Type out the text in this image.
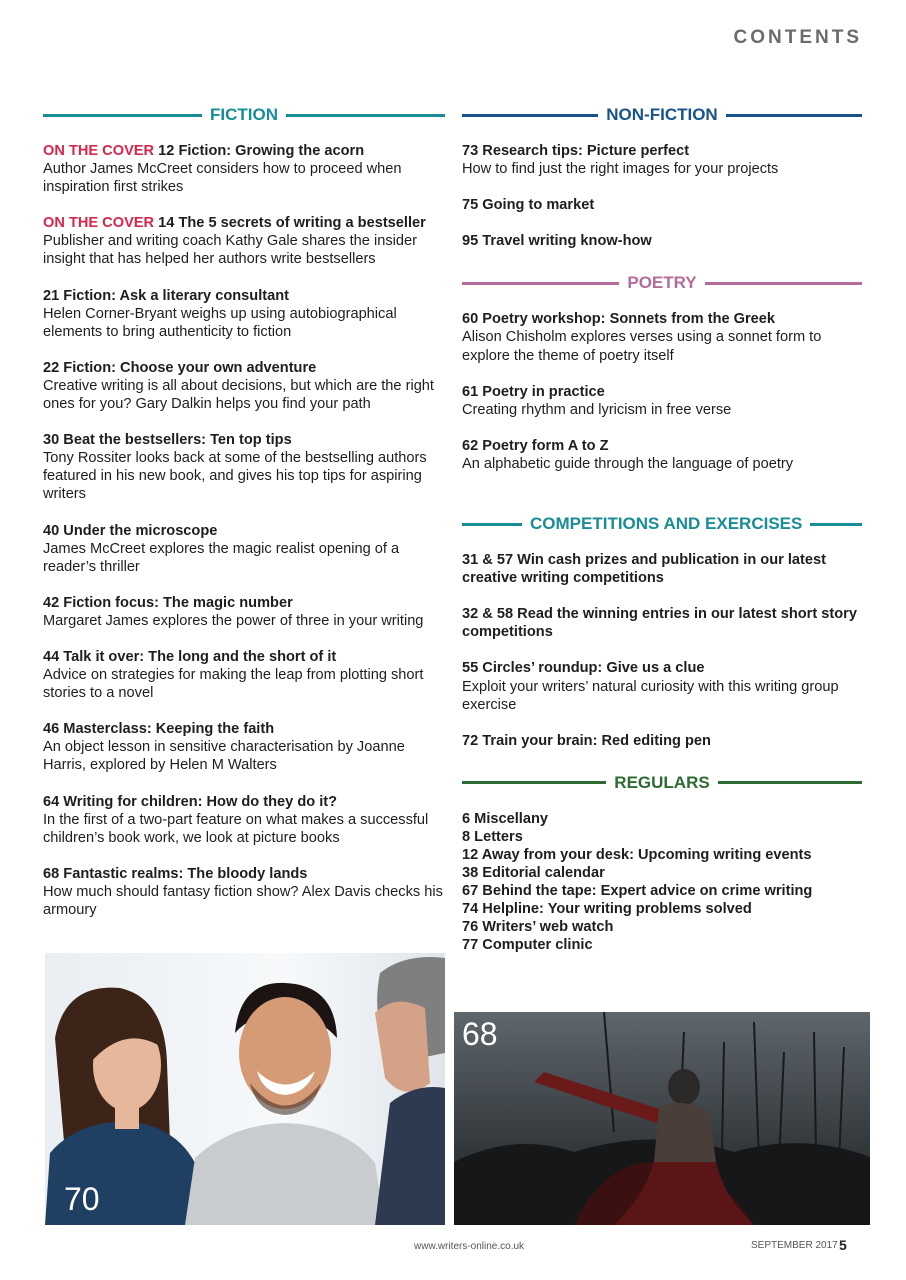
CONTENTS
FICTION
ON THE COVER 12 Fiction: Growing the acorn
Author James McCreet considers how to proceed when inspiration first strikes
ON THE COVER 14 The 5 secrets of writing a bestseller
Publisher and writing coach Kathy Gale shares the insider insight that has helped her authors write bestsellers
21 Fiction: Ask a literary consultant
Helen Corner-Bryant weighs up using autobiographical elements to bring authenticity to fiction
22 Fiction: Choose your own adventure
Creative writing is all about decisions, but which are the right ones for you? Gary Dalkin helps you find your path
30 Beat the bestsellers: Ten top tips
Tony Rossiter looks back at some of the bestselling authors featured in his new book, and gives his top tips for aspiring writers
40 Under the microscope
James McCreet explores the magic realist opening of a reader’s thriller
42 Fiction focus: The magic number
Margaret James explores the power of three in your writing
44 Talk it over: The long and the short of it
Advice on strategies for making the leap from plotting short stories to a novel
46 Masterclass: Keeping the faith
An object lesson in sensitive characterisation by Joanne Harris, explored by Helen M Walters
64 Writing for children: How do they do it?
In the first of a two-part feature on what makes a successful children’s book work, we look at picture books
68 Fantastic realms: The bloody lands
How much should fantasy fiction show? Alex Davis checks his armoury
NON-FICTION
73 Research tips: Picture perfect
How to find just the right images for your projects
75 Going to market
95 Travel writing know-how
POETRY
60 Poetry workshop: Sonnets from the Greek
Alison Chisholm explores verses using a sonnet form to explore the theme of poetry itself
61 Poetry in practice
Creating rhythm and lyricism in free verse
62 Poetry form A to Z
An alphabetic guide through the language of poetry
COMPETITIONS AND EXERCISES
31 & 57 Win cash prizes and publication in our latest creative writing competitions
32 & 58 Read the winning entries in our latest short story competitions
55 Circles’ roundup: Give us a clue
Exploit your writers’ natural curiosity with this writing group exercise
72 Train your brain: Red editing pen
REGULARS
6 Miscellany
8 Letters
12 Away from your desk: Upcoming writing events
38 Editorial calendar
67 Behind the tape: Expert advice on crime writing
74 Helpline: Your writing problems solved
76 Writers’ web watch
77 Computer clinic
70
68
www.writers-online.co.uk	SEPTEMBER 2017 5
